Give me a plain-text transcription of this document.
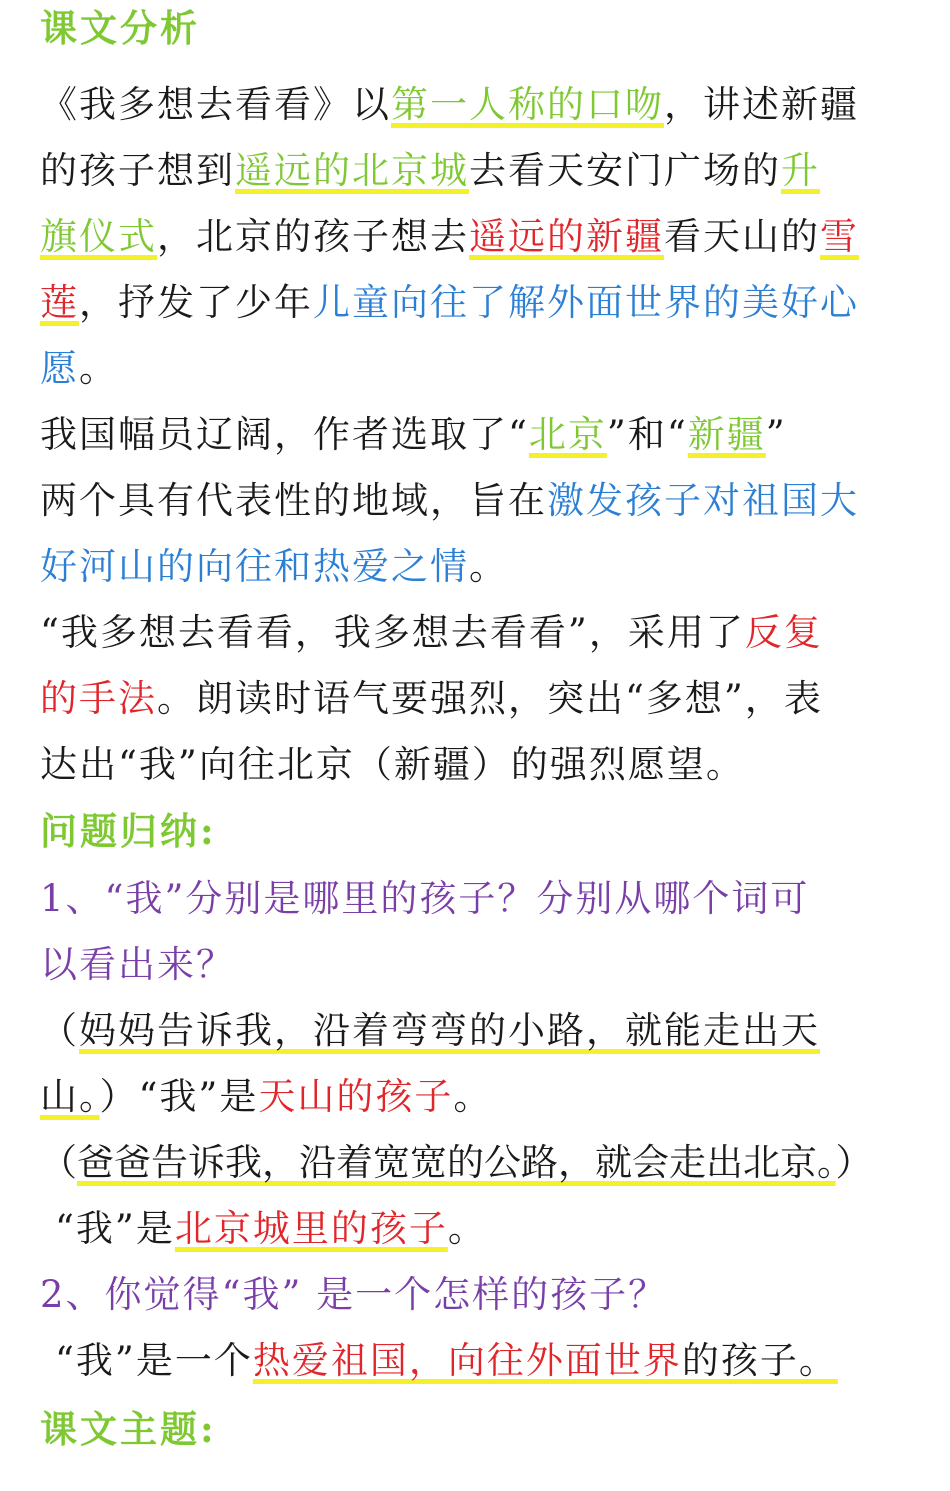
课文分析
《我多想去看看》以第一人称的口吻，讲述新疆
的孩子想到遥远的北京城去看天安门广场的升
旗仪式，北京的孩子想去遥远的新疆看天山的雪
莲，抒发了少年儿童向往了解外面世界的美好心
愿。
我国幅员辽阔，作者选取了“北京”和“新疆”
两个具有代表性的地域，旨在激发孩子对祖国大
好河山的向往和热爱之情。
“我多想去看看，我多想去看看”，采用了反复
的手法。朗读时语气要强烈，突出“多想”，表
达出“我”向往北京（新疆）的强烈愿望。
问题归纳:
1、“我”分别是哪里的孩子？分别从哪个词可
以看出来？
（妈妈告诉我，沿着弯弯的小路，就能走出天
山。）“我”是天山的孩子。
（爸爸告诉我，沿着宽宽的公路，就会走出北京。）
“我”是北京城里的孩子。
2、你觉得“我” 是一个怎样的孩子？
“我”是一个热爱祖国，向往外面世界的孩子。
课文主题:
